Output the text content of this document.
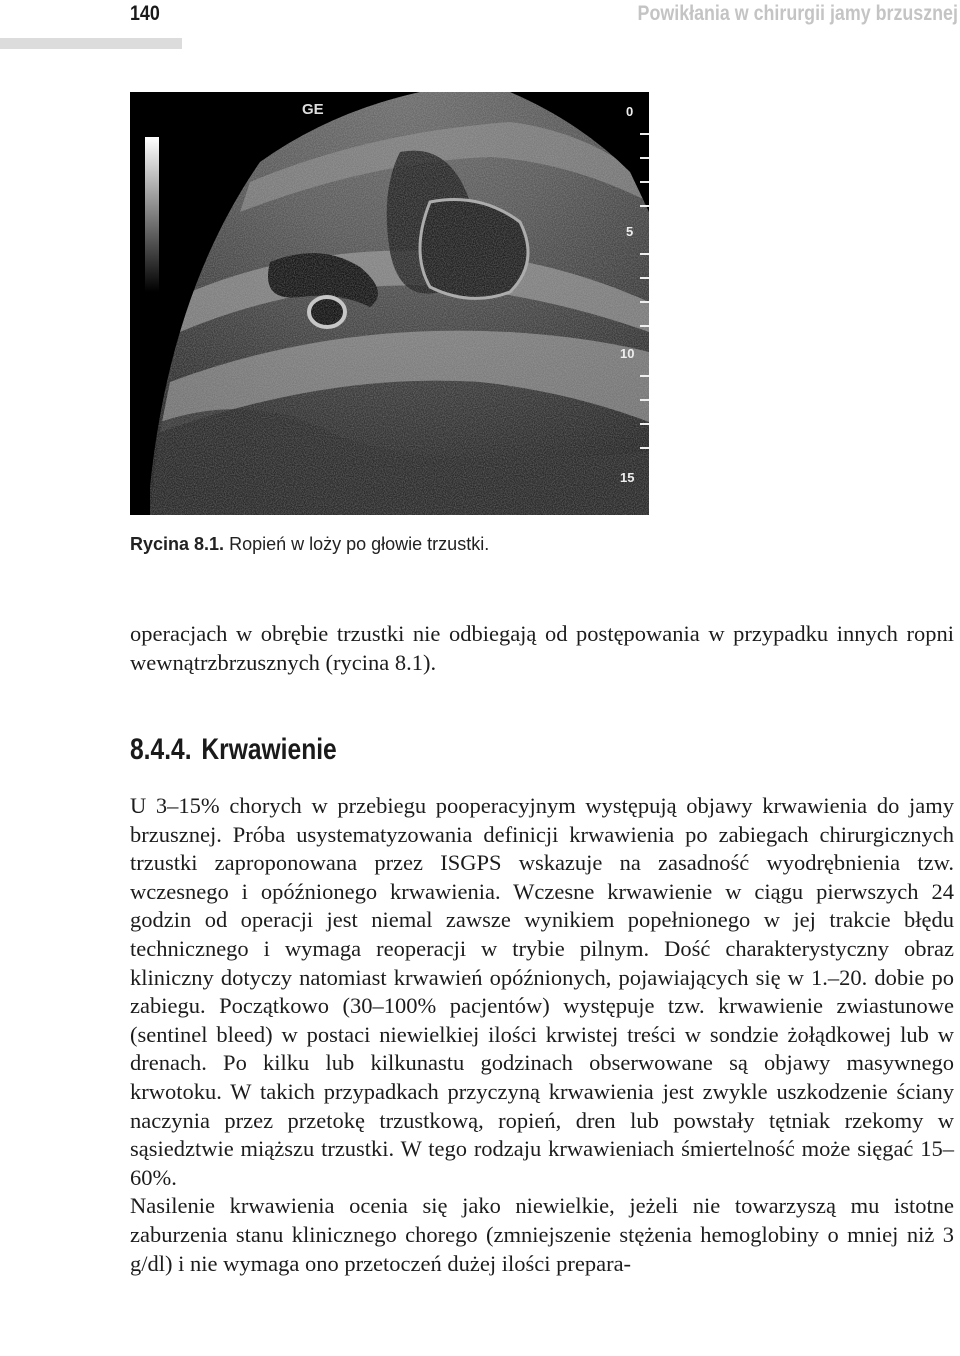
140	Powikłania w chirurgii jamy brzusznej
GE	0
5
10
15
Rycina 8.1. Ropień w loży po głowie trzustki.

operacjach w obrębie trzustki nie odbiegają od postępowania w przypadku innych ropni wewnątrzbrzusznych (rycina 8.1).

8.4.4. Krwawienie

U 3–15% chorych w przebiegu pooperacyjnym występują objawy krwawienia do jamy brzusznej. Próba usystematyzowania definicji krwawienia po zabiegach chirurgicznych trzustki zaproponowana przez ISGPS wskazuje na zasadność wyodrębnienia tzw. wczesnego i opóźnionego krwawienia. Wczesne krwawienie w ciągu pierwszych 24 godzin od operacji jest niemal zawsze wynikiem popełnionego w jej trakcie błędu technicznego i wymaga reoperacji w trybie pilnym. Dość charakterystyczny obraz kliniczny dotyczy natomiast krwawień opóźnionych, pojawiających się w 1.–20. dobie po zabiegu. Początkowo (30–100% pacjentów) występuje tzw. krwawienie zwiastunowe (sentinel bleed) w postaci niewielkiej ilości krwistej treści w sondzie żołądkowej lub w drenach. Po kilku lub kilkunastu godzinach obserwowane są objawy masywnego krwotoku. W takich przypadkach przyczyną krwawienia jest zwykle uszkodzenie ściany naczynia przez przetokę trzustkową, ropień, dren lub powstały tętniak rzekomy w sąsiedztwie miąższu trzustki. W tego rodzaju krwawieniach śmiertelność może sięgać 15–60%.

Nasilenie krwawienia ocenia się jako niewielkie, jeżeli nie towarzyszą mu istotne zaburzenia stanu klinicznego chorego (zmniejszenie stężenia hemoglobiny o mniej niż 3 g/dl) i nie wymaga ono przetoczeń dużej ilości prepara-
